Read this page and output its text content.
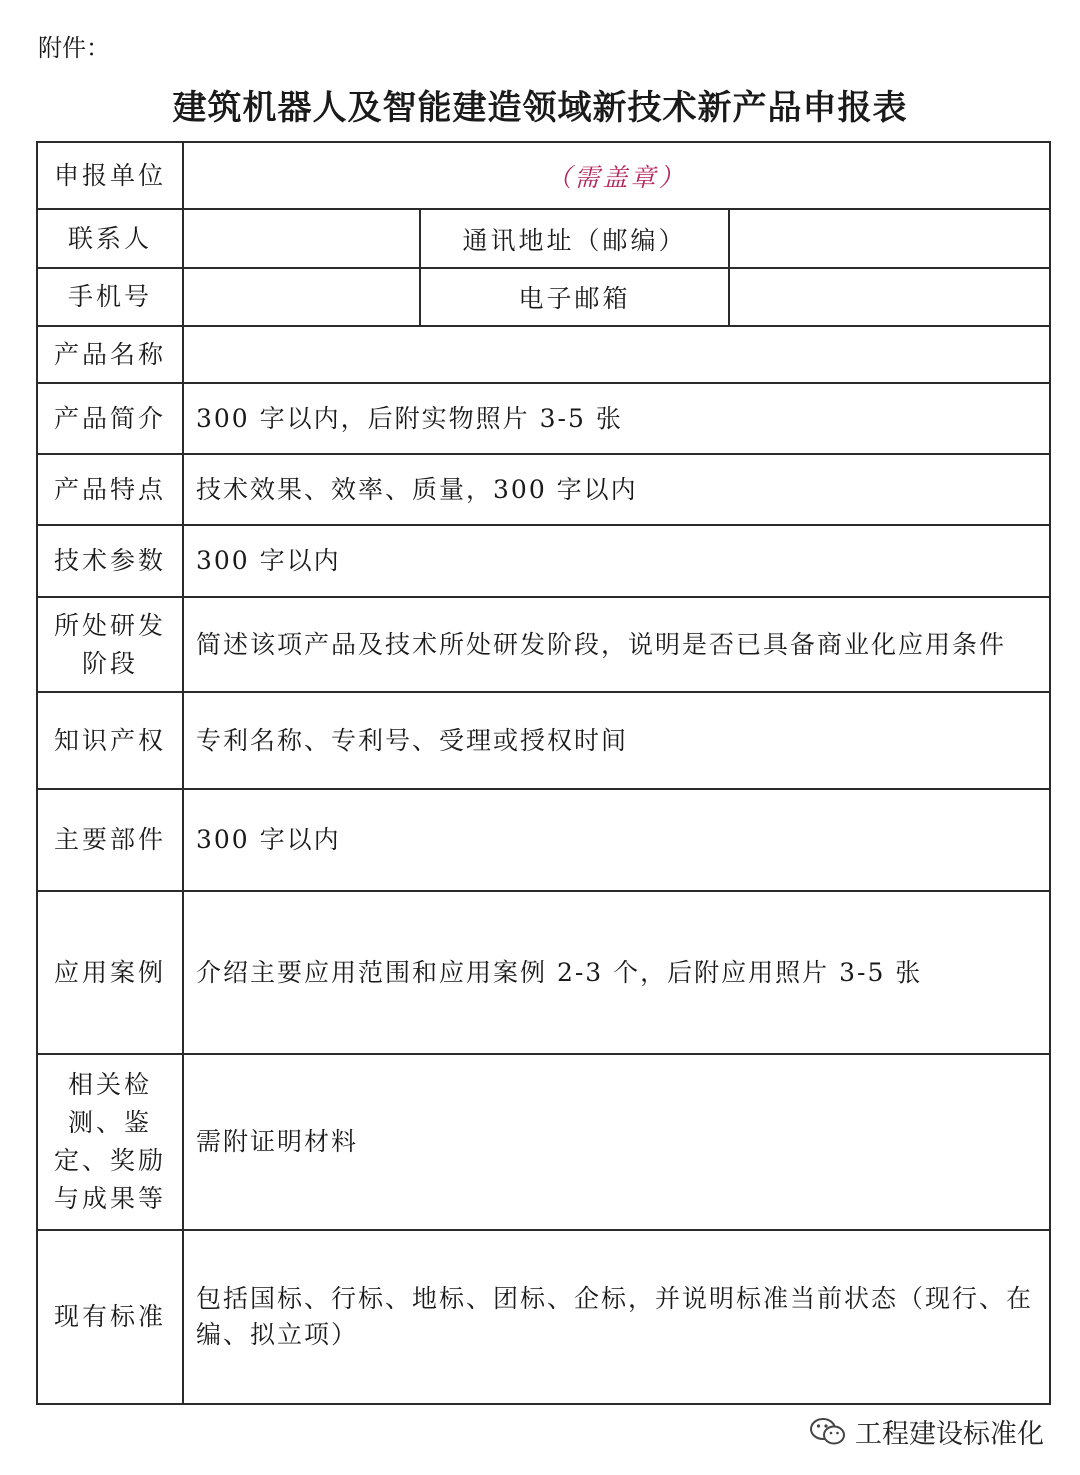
附件：
建筑机器人及智能建造领域新技术新产品申报表
申报单位	（需盖章）		
联系人		通讯地址（邮编）	
手机号		电子邮箱	
产品名称			
产品简介	300 字以内，后附实物照片 3-5 张		
产品特点	技术效果、效率、质量，300 字以内		
技术参数	300 字以内		
所处研发阶段	简述该项产品及技术所处研发阶段，说明是否已具备商业化应用条件		
知识产权	专利名称、专利号、受理或授权时间		
主要部件	300 字以内		
应用案例	介绍主要应用范围和应用案例 2-3 个，后附应用照片 3-5 张		
相关检测、鉴定、奖励与成果等	需附证明材料		
现有标准	包括国标、行标、地标、团标、企标，并说明标准当前状态（现行、在编、拟立项）		
工程建设标准化
